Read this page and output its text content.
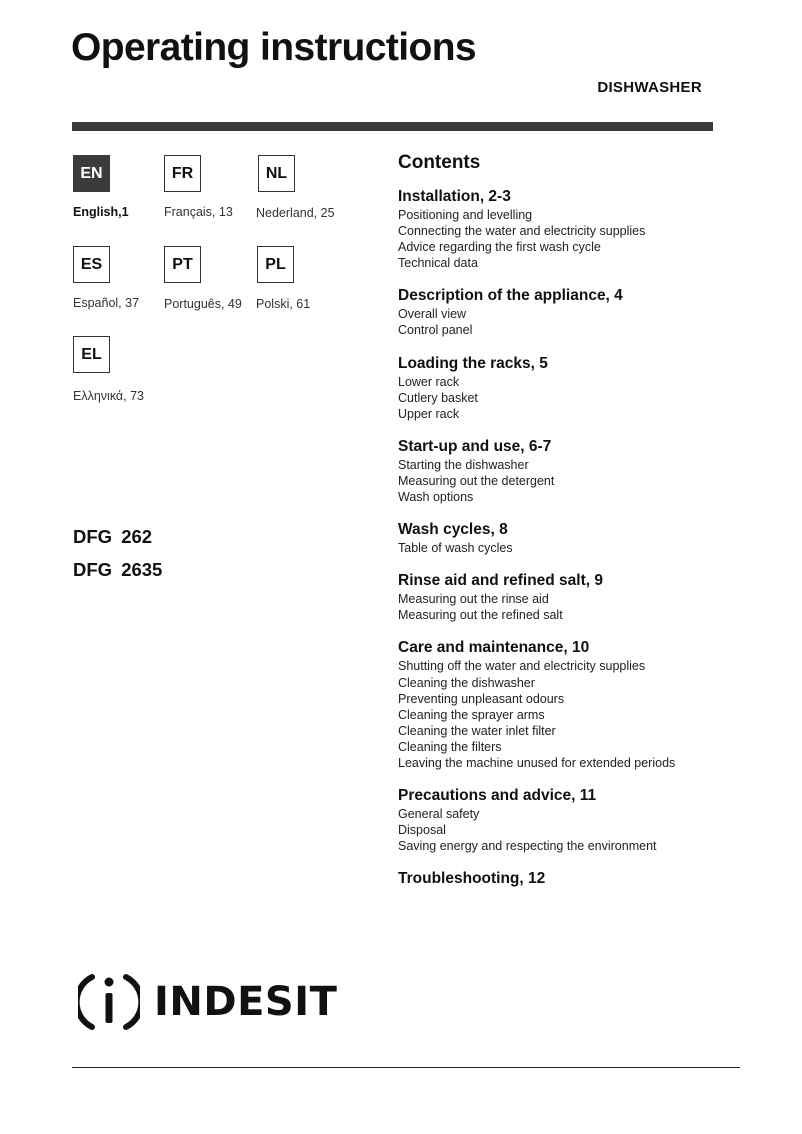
Operating instructions
DISHWASHER
EN	FR	NL
English,1	Français, 13 Nederland, 25
ES	PT	PL
Español, 37 Português, 49 Polski, 61
EL
Ελληνικά, 73
DFG 262
DFG 2635
Contents
Installation, 2-3
Positioning and levelling
Connecting the water and electricity supplies
Advice regarding the first wash cycle
Technical data
Description of the appliance, 4
Overall view
Control panel
Loading the racks, 5
Lower rack
Cutlery basket
Upper rack
Start-up and use, 6-7
Starting the dishwasher
Measuring out the detergent
Wash options
Wash cycles, 8
Table of wash cycles
Rinse aid and refined salt, 9
Measuring out the rinse aid
Measuring out the refined salt
Care and maintenance, 10
Shutting off the water and electricity supplies
Cleaning the dishwasher
Preventing unpleasant odours
Cleaning the sprayer arms
Cleaning the water inlet filter
Cleaning the filters
Leaving the machine unused for extended periods
Precautions and advice, 11
General safety
Disposal
Saving energy and respecting the environment
Troubleshooting, 12
INDESIT
